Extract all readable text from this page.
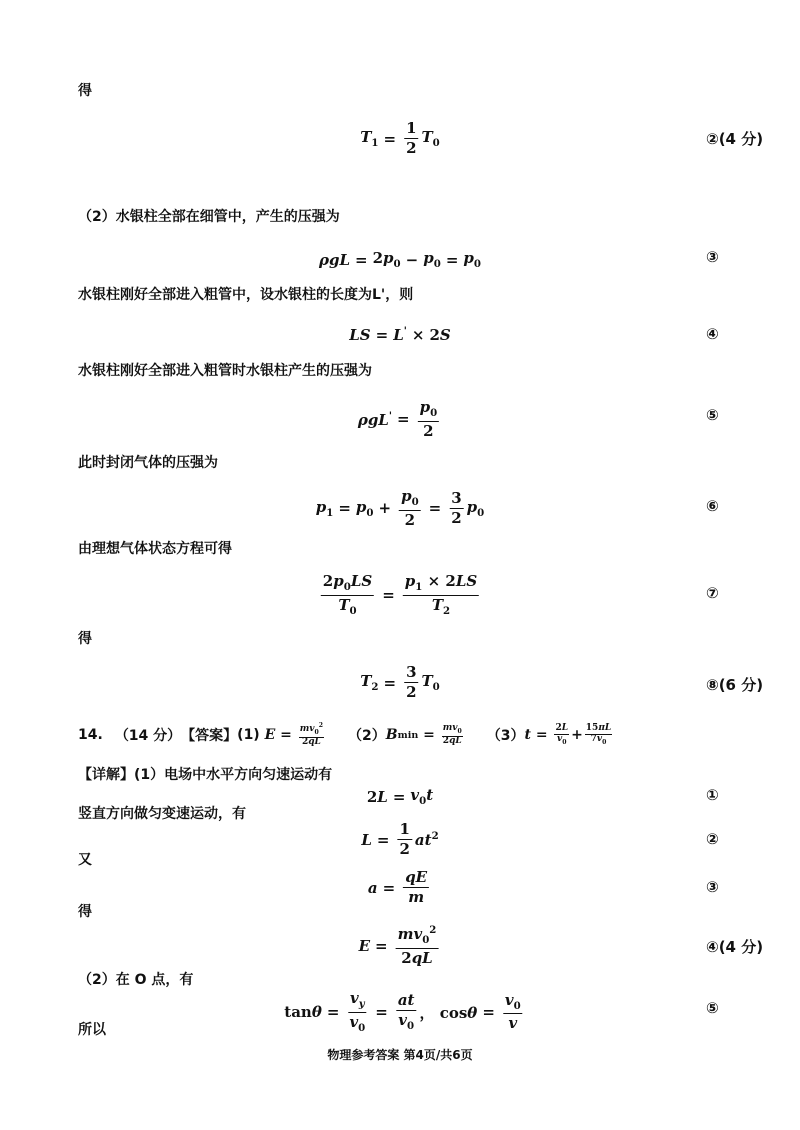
得
（2）水银柱全部在细管中，产生的压强为
水银柱刚好全部进入粗管中，设水银柱的长度为L'，则
水银柱刚好全部进入粗管时水银柱产生的压强为
此时封闭气体的压强为
由理想气体状态方程可得
得
【详解】(1）电场中水平方向匀速运动有
竖直方向做匀变速运动，有
又
得
（2）在 O 点，有
所以
$T_1 = \frac{1}{2} T_0$
$\rho gL = 2p_0 - p_0 = p_0$
LS = L' × 2S
$\rho gL' = \frac{p_0}{2}$
$p_1 = p_0 + \frac{p_0}{2} = \frac{3}{2} p_0$
$\frac{2p_0LS}{T_0} = \frac{p_1 \times 2LS}{T_2}$
$T_2 = \frac{3}{2} T_0$
14. （14 分） 【答案】 (1)
$E = mv_0^2$
2qL （2） B $\min = mv_0$
2qL （3） t = 2L
$v_0 + 15\pi L$
$7v_0$
$2L = v_0t$
$L = \frac{1}{2} at^2$
$a = \frac{qE}{m}$
$E = \frac{mv_0^2}{2qL}$
$\tan\theta = \frac{v_y}{v_0} = \frac{at}{v_0}$ ， $\cos\theta = \frac{v_0}{v}$
②(4 分)
③
④
⑤
⑥
⑦
⑧(6 分)
①
②
③
④(4 分)
⑤
物理参考答案 第4页/共6页
